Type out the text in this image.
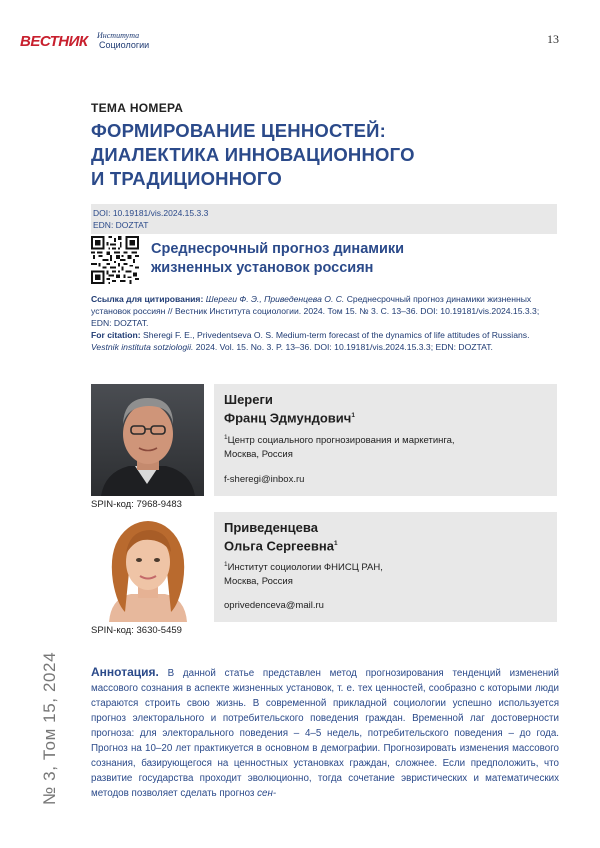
13
ВЕСТНИК Института
Социологии
ТЕМА НОМЕРА
ФОРМИРОВАНИЕ ЦЕННОСТЕЙ:
ДИАЛЕКТИКА ИННОВАЦИОННОГО
И ТРАДИЦИОННОГО
DOI: 10.19181/vis.2024.15.3.3
EDN: DOZTAT
Среднесрочный прогноз динамики
жизненных установок россиян

Ссылка для цитирования: Шереги Ф. Э., Приведенцева О. С. Среднесрочный прогноз динамики жизненных установок россиян // Вестник Института социологии. 2024. Том 15. № 3. С. 13–36. DOI: 10.19181/vis.2024.15.3.3; EDN: DOZTAT.

For citation: Sheregi F. E., Privedentseva O. S. Medium-term forecast of the dynamics of life attitudes of Russians. Vestnik instituta sotziologii. 2024. Vol. 15. No. 3. P. 13–36. DOI: 10.19181/vis.2024.15.3.3; EDN: DOZTAT.

Шереги
Франц Эдмундович$^1$
$^1$Центр социального прогнозирования и маркетинга,
Москва, Россия
f-sheregi@inbox.ru
SPIN-код: 7968-9483
Приведенцева
Ольга Сергеевна$^1$
$^1$Институт социологии ФНИСЦ РАН,
Москва, Россия
oprivedenceva@mail.ru
SPIN-код: 3630-5459
№ 3, Том 15, 2024	Аннотация. В данной статье представлен метод прогнозирования тенденций изменений массового сознания в аспекте жизненных установок, т. е. тех ценностей, сообразно с которыми люди стараются строить свою жизнь. В современной прикладной социологии успешно используется прогноз электорального и потребительского поведения граждан. Временной лаг достоверности прогноза: для электорального поведения – 4–5 недель, потребительского поведения – до года. Прогноз на 10–20 лет практикуется в основном в демографии. Прогнозировать изменения массового сознания, базирующегося на ценностных установках граждан, сложнее. Если предположить, что развитие государства проходит эволюционно, тогда сочетание эвристических и математических методов позволяет сделать прогноз сен-
